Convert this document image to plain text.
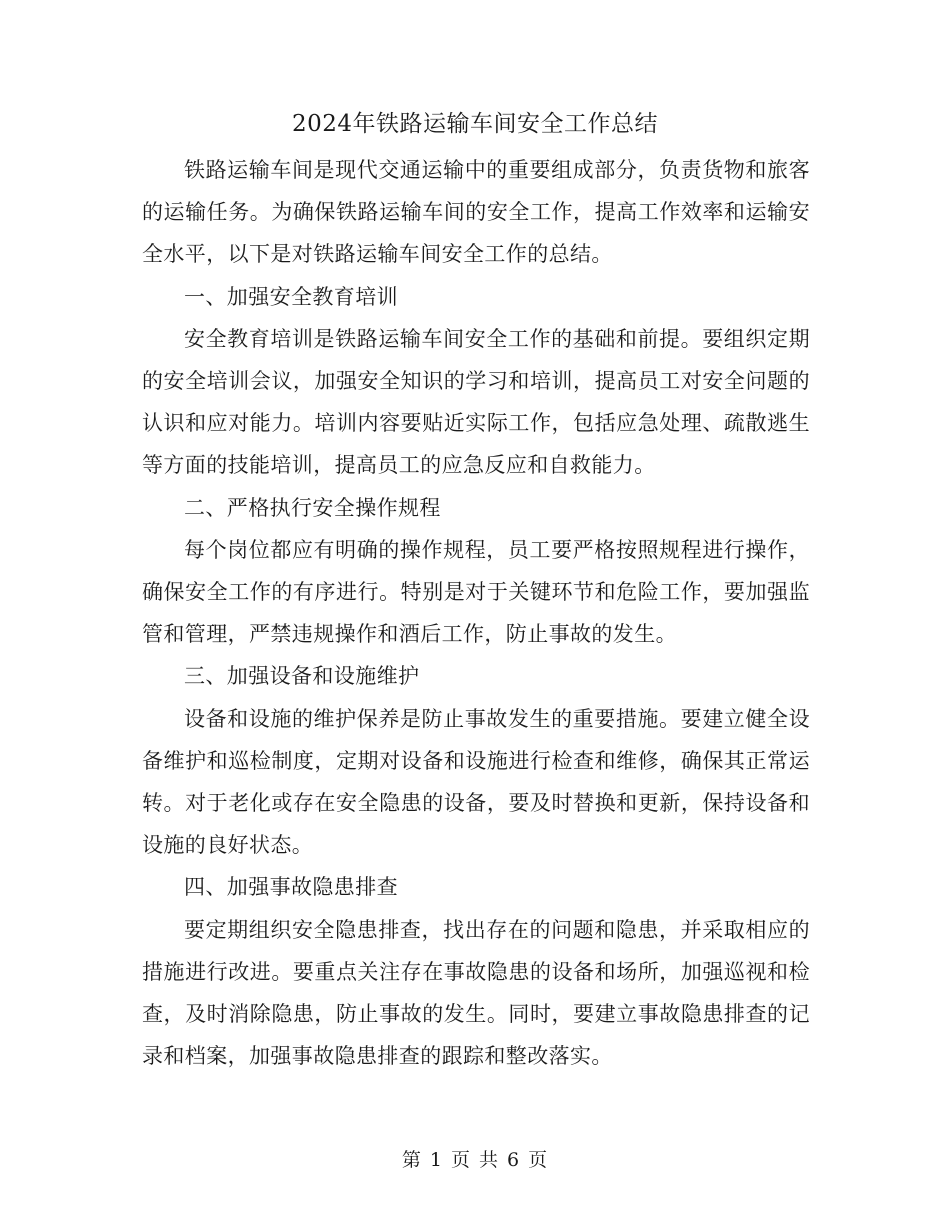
2024年铁路运输车间安全工作总结

铁路运输车间是现代交通运输中的重要组成部分，负责货物和旅客的运输任务。为确保铁路运输车间的安全工作，提高工作效率和运输安全水平，以下是对铁路运输车间安全工作的总结。

一、加强安全教育培训

安全教育培训是铁路运输车间安全工作的基础和前提。要组织定期的安全培训会议，加强安全知识的学习和培训，提高员工对安全问题的认识和应对能力。培训内容要贴近实际工作，包括应急处理、疏散逃生等方面的技能培训，提高员工的应急反应和自救能力。

二、严格执行安全操作规程

每个岗位都应有明确的操作规程，员工要严格按照规程进行操作，确保安全工作的有序进行。特别是对于关键环节和危险工作，要加强监管和管理，严禁违规操作和酒后工作，防止事故的发生。

三、加强设备和设施维护

设备和设施的维护保养是防止事故发生的重要措施。要建立健全设备维护和巡检制度，定期对设备和设施进行检查和维修，确保其正常运转。对于老化或存在安全隐患的设备，要及时替换和更新，保持设备和设施的良好状态。

四、加强事故隐患排查

要定期组织安全隐患排查，找出存在的问题和隐患，并采取相应的措施进行改进。要重点关注存在事故隐患的设备和场所，加强巡视和检查，及时消除隐患，防止事故的发生。同时，要建立事故隐患排查的记录和档案，加强事故隐患排查的跟踪和整改落实。

第 1 页 共 6 页
